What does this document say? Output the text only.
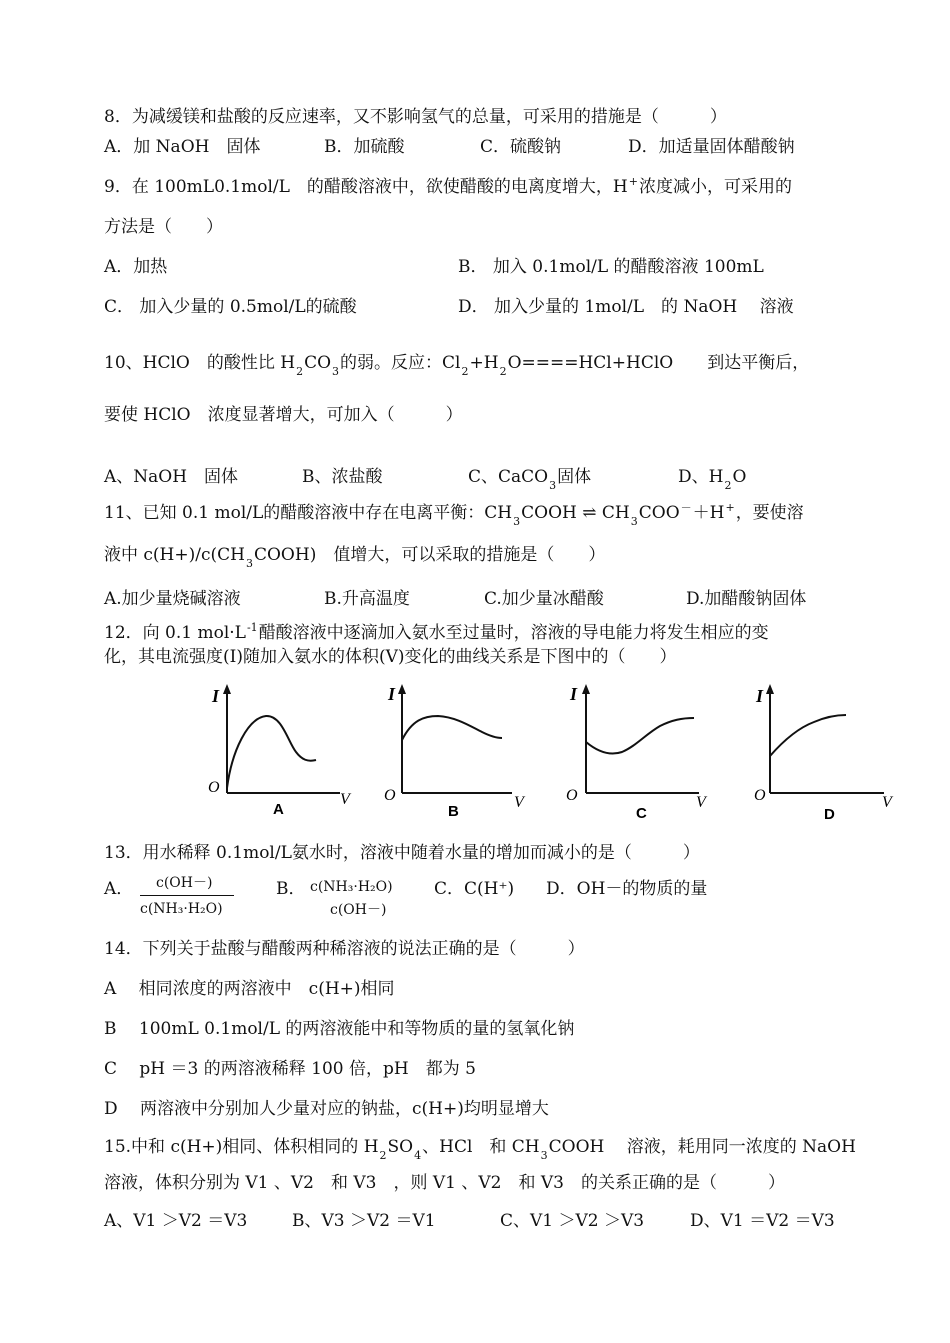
8．为减缓镁和盐酸的反应速率，又不影响氢气的总量，可采用的措施是（　　　）
A．加 NaOH　固体	B．加硫酸	C．硫酸钠	D．加适量固体醋酸钠
9．在 100mL0.1mol/L　的醋酸溶液中，欲使醋酸的电离度增大，H+浓度减小，可采用的
方法是（　　）
A．加热	B． 加入 0.1mol/L 的醋酸溶液 100mL
C． 加入少量的 0.5mol/L的硫酸	D． 加入少量的 1mol/L　的 NaOH　 溶液
10、HClO　的酸性比 $H_2CO_3$的弱。反应：$Cl_2+H_2O====HCl+HClO$　　到达平衡后，
要使 HClO　浓度显著增大，可加入（　　　）
A、NaOH　固体	B、浓盐酸	C、CaCO$_3$固体	D、$H_2O$
11、已知 0.1 mol/L的醋酸溶液中存在电离平衡：$CH_3COOH$ ⇌ $CH_3COO^-+H^+$，要使溶
液中 $c(H+)/c(CH_3COOH)$　值增大，可以采取的措施是（　　）
A.加少量烧碱溶液	B.升高温度	C.加少量冰醋酸	D.加醋酸钠固体
12．向 0.1 $mol\cdot L^{-1}$醋酸溶液中逐滴加入氨水至过量时，溶液的导电能力将发生相应的变
化，其电流强度(I)随加入氨水的体积(V)变化的曲线关系是下图中的（　　）
I
O
V
A
I
O	V
B
I
O	V
C
I
O	V
D
13．用水稀释 0.1mol/L氨水时，溶液中随着水量的增加而减小的是（　　　）
A． c(OH－)
c(NH₃·H₂O)
B． c(NH₃·H₂O)
c(OH－)
C．C(H⁺) D．OH－的物质的量
14．下列关于盐酸与醋酸两种稀溶液的说法正确的是（　　　）
A　 相同浓度的两溶液中　c(H+)相同
B　 100mL 0.1mol/L 的两溶液能中和等物质的量的氢氧化钠
C　 pH ＝3 的两溶液稀释 100 倍，pH　都为 5
D　 两溶液中分别加人少量对应的钠盐，c(H+)均明显增大
15.中和 c(H+)相同、体积相同的 $H_2SO_4$、HCl　和 $CH_3COOH$　 溶液，耗用同一浓度的 NaOH
溶液，体积分别为 V1 、V2　和 V3　，则 V1 、V2　和 V3　的关系正确的是（　　　）
A、V1 ＞V2 ＝V3	B、V3 ＞V2 ＝V1	C、V1 ＞V2 ＞V3	D、V1 ＝V2 ＝V3
